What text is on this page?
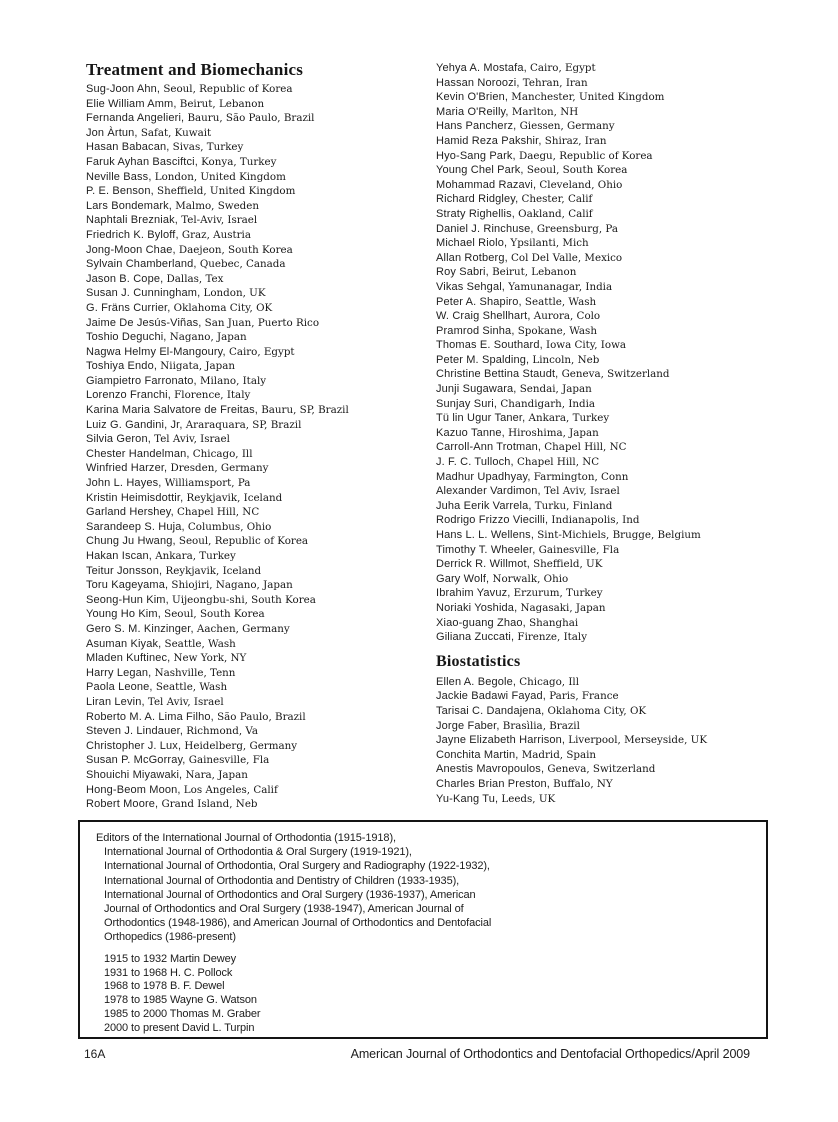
Treatment and Biomechanics
Sug-Joon Ahn, Seoul, Republic of Korea
Elie William Amm, Beirut, Lebanon
Fernanda Angelieri, Bauru, São Paulo, Brazil
Jon Àrtun, Safat, Kuwait
Hasan Babacan, Sivas, Turkey
Faruk Ayhan Basciftci, Konya, Turkey
Neville Bass, London, United Kingdom
P. E. Benson, Sheffield, United Kingdom
Lars Bondemark, Malmo, Sweden
Naphtali Brezniak, Tel-Aviv, Israel
Friedrich K. Byloff, Graz, Austria
Jong-Moon Chae, Daejeon, South Korea
Sylvain Chamberland, Quebec, Canada
Jason B. Cope, Dallas, Tex
Susan J. Cunningham, London, UK
G. Fräns Currier, Oklahoma City, OK
Jaime De Jesús-Viñas, San Juan, Puerto Rico
Toshio Deguchi, Nagano, Japan
Nagwa Helmy El-Mangoury, Cairo, Egypt
Toshiya Endo, Niigata, Japan
Giampietro Farronato, Milano, Italy
Lorenzo Franchi, Florence, Italy
Karina Maria Salvatore de Freitas, Bauru, SP, Brazil
Luiz G. Gandini, Jr, Araraquara, SP, Brazil
Silvia Geron, Tel Aviv, Israel
Chester Handelman, Chicago, Ill
Winfried Harzer, Dresden, Germany
John L. Hayes, Williamsport, Pa
Kristin Heimisdottir, Reykjavik, Iceland
Garland Hershey, Chapel Hill, NC
Sarandeep S. Huja, Columbus, Ohio
Chung Ju Hwang, Seoul, Republic of Korea
Hakan Iscan, Ankara, Turkey
Teitur Jonsson, Reykjavik, Iceland
Toru Kageyama, Shiojiri, Nagano, Japan
Seong-Hun Kim, Uijeongbu-shi, South Korea
Young Ho Kim, Seoul, South Korea
Gero S. M. Kinzinger, Aachen, Germany
Asuman Kiyak, Seattle, Wash
Mladen Kuftinec, New York, NY
Harry Legan, Nashville, Tenn
Paola Leone, Seattle, Wash
Liran Levin, Tel Aviv, Israel
Roberto M. A. Lima Filho, São Paulo, Brazil
Steven J. Lindauer, Richmond, Va
Christopher J. Lux, Heidelberg, Germany
Susan P. McGorray, Gainesville, Fla
Shouichi Miyawaki, Nara, Japan
Hong-Beom Moon, Los Angeles, Calif
Robert Moore, Grand Island, Neb
Yehya A. Mostafa, Cairo, Egypt
Hassan Noroozi, Tehran, Iran
Kevin O'Brien, Manchester, United Kingdom
Maria O'Reilly, Marlton, NH
Hans Pancherz, Giessen, Germany
Hamid Reza Pakshir, Shiraz, Iran
Hyo-Sang Park, Daegu, Republic of Korea
Young Chel Park, Seoul, South Korea
Mohammad Razavi, Cleveland, Ohio
Richard Ridgley, Chester, Calif
Straty Righellis, Oakland, Calif
Daniel J. Rinchuse, Greensburg, Pa
Michael Riolo, Ypsilanti, Mich
Allan Rotberg, Col Del Valle, Mexico
Roy Sabri, Beirut, Lebanon
Vikas Sehgal, Yamunanagar, India
Peter A. Shapiro, Seattle, Wash
W. Craig Shellhart, Aurora, Colo
Pramrod Sinha, Spokane, Wash
Thomas E. Southard, Iowa City, Iowa
Peter M. Spalding, Lincoln, Neb
Christine Bettina Staudt, Geneva, Switzerland
Junji Sugawara, Sendai, Japan
Sunjay Suri, Chandigarh, India
Tü lin Ugur Taner, Ankara, Turkey
Kazuo Tanne, Hiroshima, Japan
Carroll-Ann Trotman, Chapel Hill, NC
J. F. C. Tulloch, Chapel Hill, NC
Madhur Upadhyay, Farmington, Conn
Alexander Vardimon, Tel Aviv, Israel
Juha Eerik Varrela, Turku, Finland
Rodrigo Frizzo Viecilli, Indianapolis, Ind
Hans L. L. Wellens, Sint-Michiels, Brugge, Belgium
Timothy T. Wheeler, Gainesville, Fla
Derrick R. Willmot, Sheffield, UK
Gary Wolf, Norwalk, Ohio
Ibrahim Yavuz, Erzurum, Turkey
Noriaki Yoshida, Nagasaki, Japan
Xiao-guang Zhao, Shanghai
Giliana Zuccati, Firenze, Italy
Biostatistics
Ellen A. Begole, Chicago, Ill
Jackie Badawi Fayad, Paris, France
Tarisai C. Dandajena, Oklahoma City, OK
Jorge Faber, Brasìlia, Brazil
Jayne Elizabeth Harrison, Liverpool, Merseyside, UK
Conchita Martin, Madrid, Spain
Anestis Mavropoulos, Geneva, Switzerland
Charles Brian Preston, Buffalo, NY
Yu-Kang Tu, Leeds, UK
Editors of the International Journal of Orthodontia (1915-1918),
International Journal of Orthodontia & Oral Surgery (1919-1921),
International Journal of Orthodontia, Oral Surgery and Radiography (1922-1932),
International Journal of Orthodontia and Dentistry of Children (1933-1935),
International Journal of Orthodontics and Oral Surgery (1936-1937), American
Journal of Orthodontics and Oral Surgery (1938-1947), American Journal of
Orthodontics (1948-1986), and American Journal of Orthodontics and Dentofacial
Orthopedics (1986-present)
1915 to 1932 Martin Dewey
1931 to 1968 H. C. Pollock
1968 to 1978 B. F. Dewel
1978 to 1985 Wayne G. Watson
1985 to 2000 Thomas M. Graber
2000 to present David L. Turpin
16A	American Journal of Orthodontics and Dentofacial Orthopedics/April 2009
